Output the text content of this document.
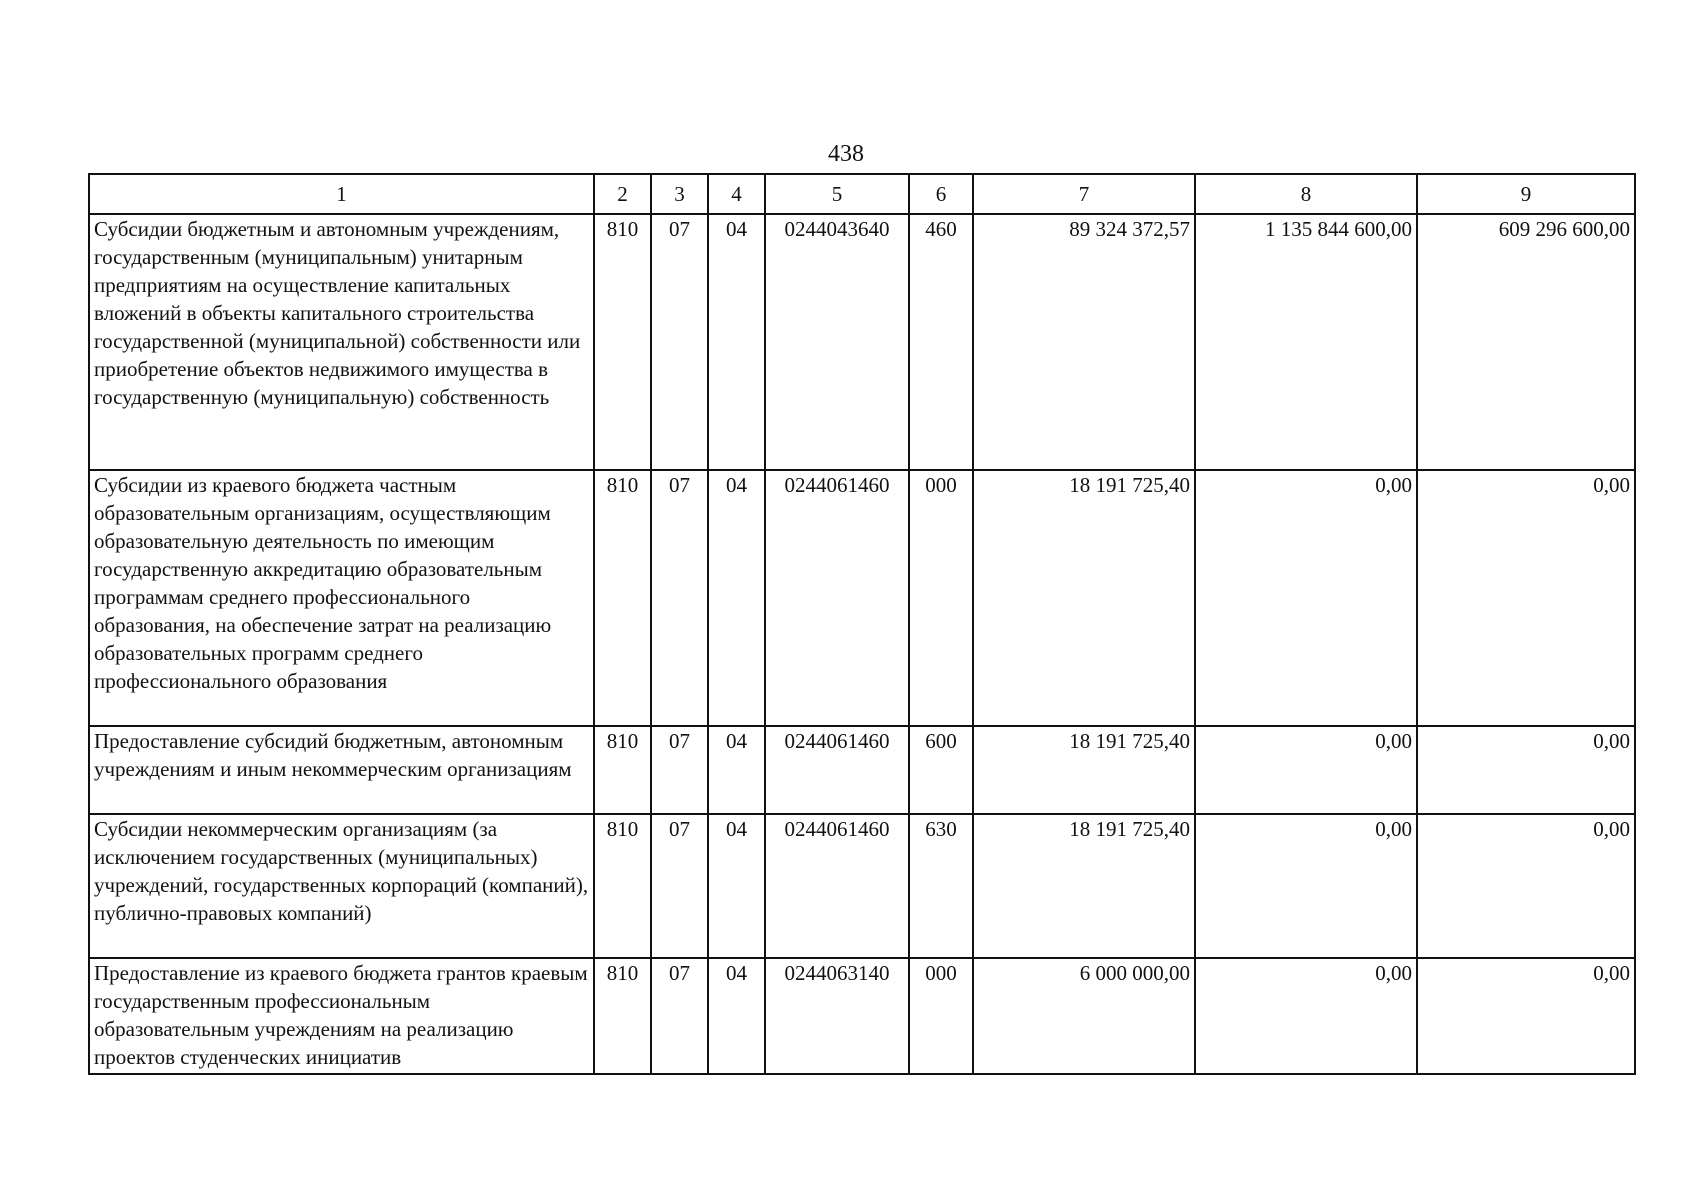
438
1	2	3	4	5	6	7	8	9
Субсидии бюджетным и автономным учреждениям, государственным (муниципальным) унитарным предприятиям на осуществление капитальных вложений в объекты капитального строительства государственной (муниципальной) собственности или приобретение объектов недвижимого имущества в государственную (муниципальную) собственность	810	07	04	0244043640	460	89 324 372,57	1 135 844 600,00	609 296 600,00
Субсидии из краевого бюджета частным образовательным организациям, осуществляющим образовательную деятельность по имеющим государственную аккредитацию образовательным программам среднего профессионального образования, на обеспечение затрат на реализацию образовательных программ среднего профессионального образования	810	07	04	0244061460	000	18 191 725,40	0,00	0,00
Предоставление субсидий бюджетным, автономным учреждениям и иным некоммерческим организациям	810	07	04	0244061460	600	18 191 725,40	0,00	0,00
Субсидии некоммерческим организациям (за исключением государственных (муниципальных) учреждений, государственных корпораций (компаний), публично-правовых компаний)	810	07	04	0244061460	630	18 191 725,40	0,00	0,00
Предоставление из краевого бюджета грантов краевым государственным профессиональным образовательным учреждениям на реализацию проектов студенческих инициатив	810	07	04	0244063140	000	6 000 000,00	0,00	0,00
